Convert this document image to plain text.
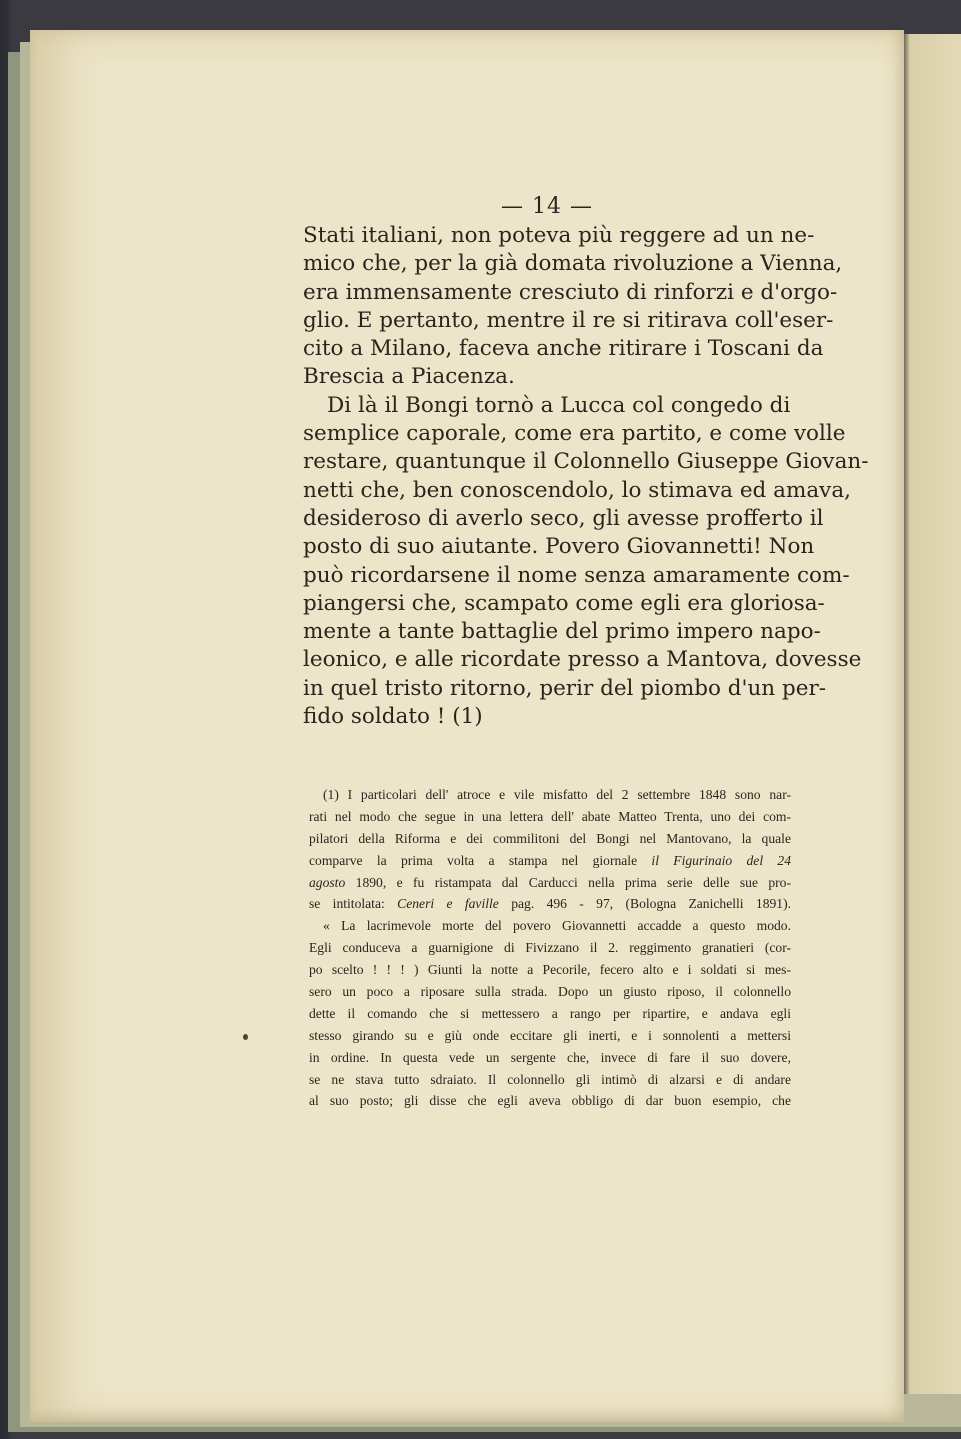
— 14 —
Stati italiani, non poteva più reggere ad un ne-
mico che, per la già domata rivoluzione a Vienna,
era immensamente cresciuto di rinforzi e d'orgo-
glio. E pertanto, mentre il re si ritirava coll'eser-
cito a Milano, faceva anche ritirare i Toscani da
Brescia a Piacenza.
Di là il Bongi tornò a Lucca col congedo di
semplice caporale, come era partito, e come volle
restare, quantunque il Colonnello Giuseppe Giovan-
netti che, ben conoscendolo, lo stimava ed amava,
desideroso di averlo seco, gli avesse profferto il
posto di suo aiutante. Povero Giovannetti! Non
può ricordarsene il nome senza amaramente com-
piangersi che, scampato come egli era gloriosa-
mente a tante battaglie del primo impero napo-
leonico, e alle ricordate presso a Mantova, dovesse
in quel tristo ritorno, perir del piombo d'un per-
fido soldato ! (1)
(1) I particolari dell' atroce e vile misfatto del 2 settembre 1848 sono nar-
rati nel modo che segue in una lettera dell' abate Matteo Trenta, uno dei com-
pilatori della Riforma e dei commilitoni del Bongi nel Mantovano, la quale
comparve la prima volta a stampa nel giornale il Figurinaio del 24
agosto 1890, e fu ristampata dal Carducci nella prima serie delle sue pro-
se intitolata: Ceneri e faville pag. 496 - 97, (Bologna Zanichelli 1891).
« La lacrimevole morte del povero Giovannetti accadde a questo modo.
Egli conduceva a guarnigione di Fivizzano il 2. reggimento granatieri (cor-
po scelto ! ! ! ) Giunti la notte a Pecorile, fecero alto e i soldati si mes-
sero un poco a riposare sulla strada. Dopo un giusto riposo, il colonnello
dette il comando che si mettessero a rango per ripartire, e andava egli
stesso girando su e giù onde eccitare gli inerti, e i sonnolenti a mettersi
in ordine. In questa vede un sergente che, invece di fare il suo dovere,
se ne stava tutto sdraiato. Il colonnello gli intimò di alzarsi e di andare
al suo posto; gli disse che egli aveva obbligo di dar buon esempio, che
